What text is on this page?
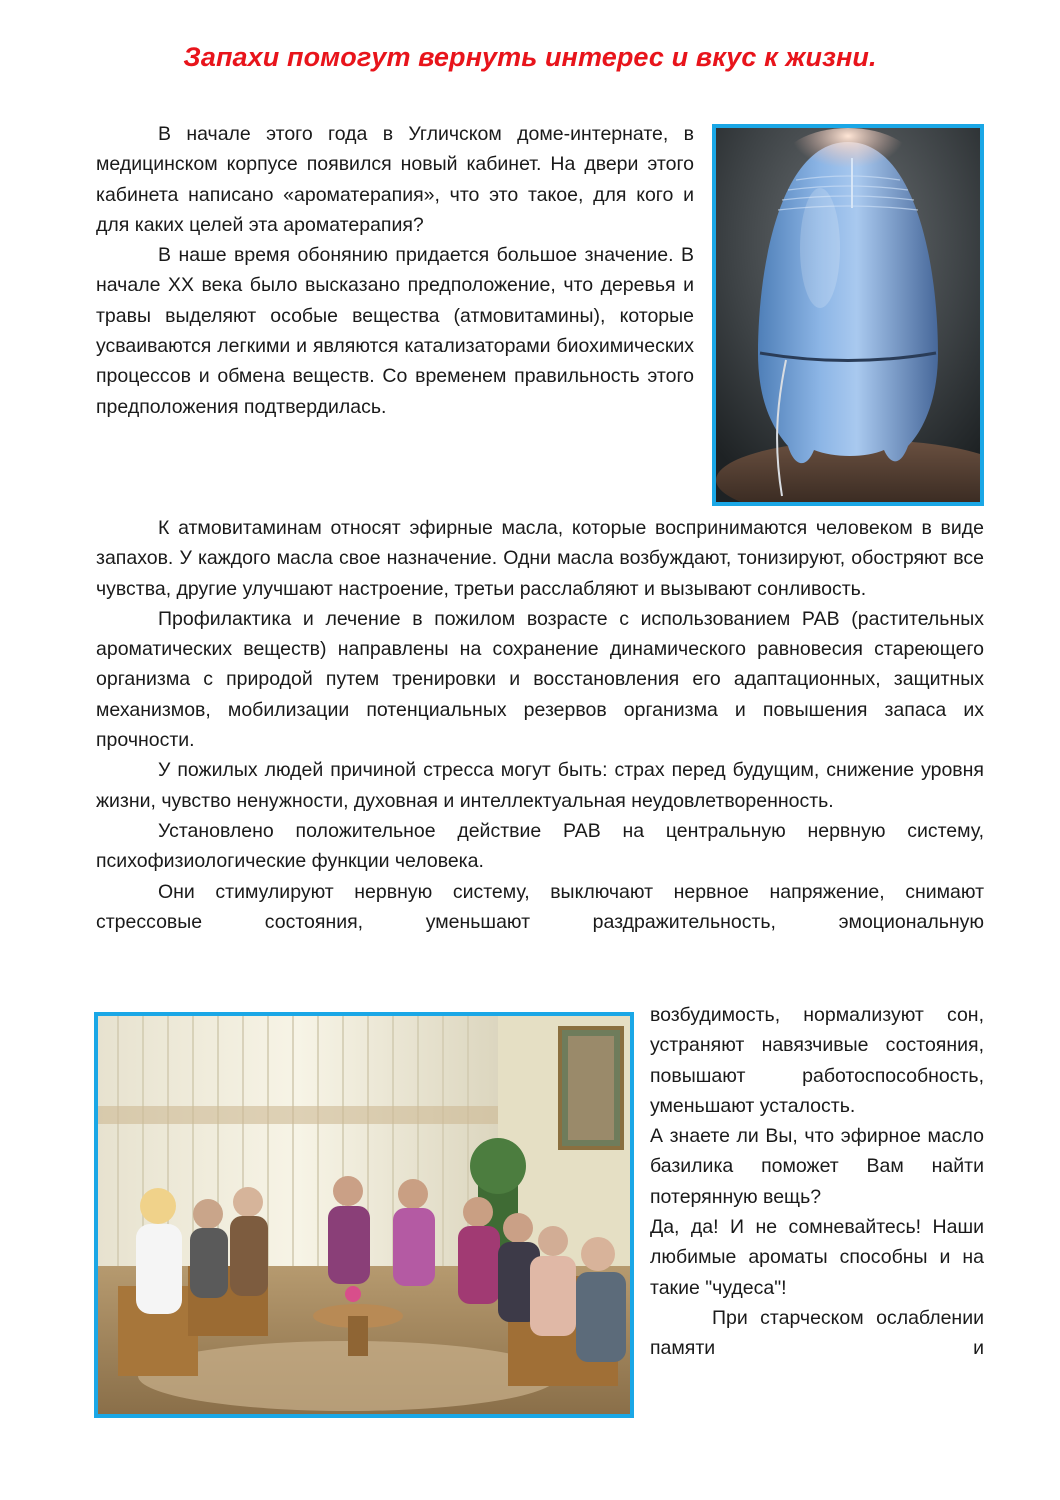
Запахи помогут вернуть интерес и вкус к жизни.

В начале этого года в Угличском доме-интернате, в медицинском корпусе появился новый кабинет. На двери этого кабинета написано «ароматерапия», что это такое, для кого и для каких целей эта ароматерапия?

В наше время обонянию придается большое значение. В начале XX века было высказано предположение, что деревья и травы выделяют особые вещества (атмовитамины), которые усваиваются легкими и являются катализаторами биохимических процессов и обмена веществ. Со временем правильность этого предположения подтвердилась.

К атмовитаминам относят эфирные масла, которые воспринимаются человеком в виде запахов. У каждого масла свое назначение. Одни масла возбуждают, тонизируют, обостряют все чувства, другие улучшают настроение, третьи расслабляют и вызывают сонливость.

Профилактика и лечение в пожилом возрасте с использованием РАВ (растительных ароматических веществ) направлены на сохранение динамического равновесия стареющего организма с природой путем тренировки и восстановления его адаптационных, защитных механизмов, мобилизации потенциальных резервов организма и повышения запаса их прочности.

У пожилых людей причиной стресса могут быть: страх перед будущим, снижение уровня жизни, чувство ненужности, духовная и интеллектуальная неудовлетворенность.

Установлено положительное действие РАВ на центральную нервную систему, психофизиологические функции человека.

Они стимулируют нервную систему, выключают нервное напряжение, снимают стрессовые состояния, уменьшают раздражительность, эмоциональную

возбудимость, нормализуют сон, устраняют навязчивые состояния, повышают работоспособность, уменьшают усталость.

А знаете ли Вы, что эфирное масло базилика поможет Вам найти потерянную вещь?

Да, да! И не сомневайтесь! Наши любимые ароматы способны и на такие "чудеса"!

При старческом ослаблении памяти и
